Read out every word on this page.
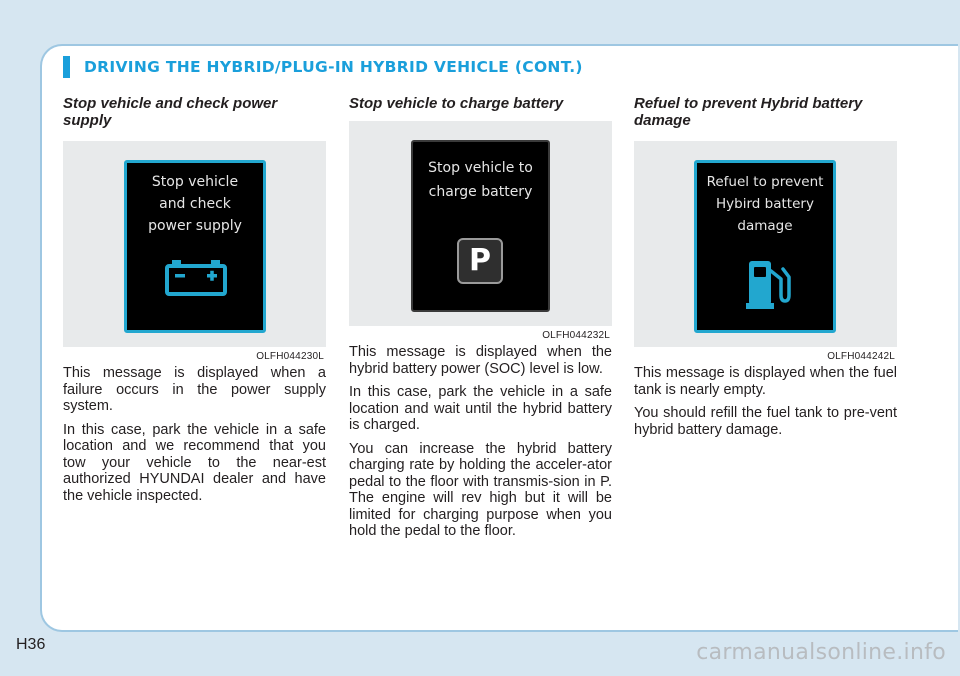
DRIVING THE HYBRID/PLUG-IN HYBRID VEHICLE (CONT.)
Stop vehicle and check power supply
Stop vehicle
and check
power supply
OLFH044230L

This message is displayed when a failure occurs in the power supply system.

In this case, park the vehicle in a safe location and we recommend that you tow your vehicle to the near-est authorized HYUNDAI dealer and have the vehicle inspected.

Stop vehicle to charge battery
Stop vehicle to
charge battery
P
OLFH044232L

This message is displayed when the hybrid battery power (SOC) level is low.

In this case, park the vehicle in a safe location and wait until the hybrid battery is charged.

You can increase the hybrid battery charging rate by holding the acceler-ator pedal to the floor with transmis-sion in P. The engine will rev high but it will be limited for charging purpose when you hold the pedal to the floor.

Refuel to prevent Hybrid battery damage
Refuel to prevent
Hybird battery
damage
OLFH044242L

This message is displayed when the fuel tank is nearly empty.

You should refill the fuel tank to pre-vent hybrid battery damage.

H36	carmanualsonline.info
